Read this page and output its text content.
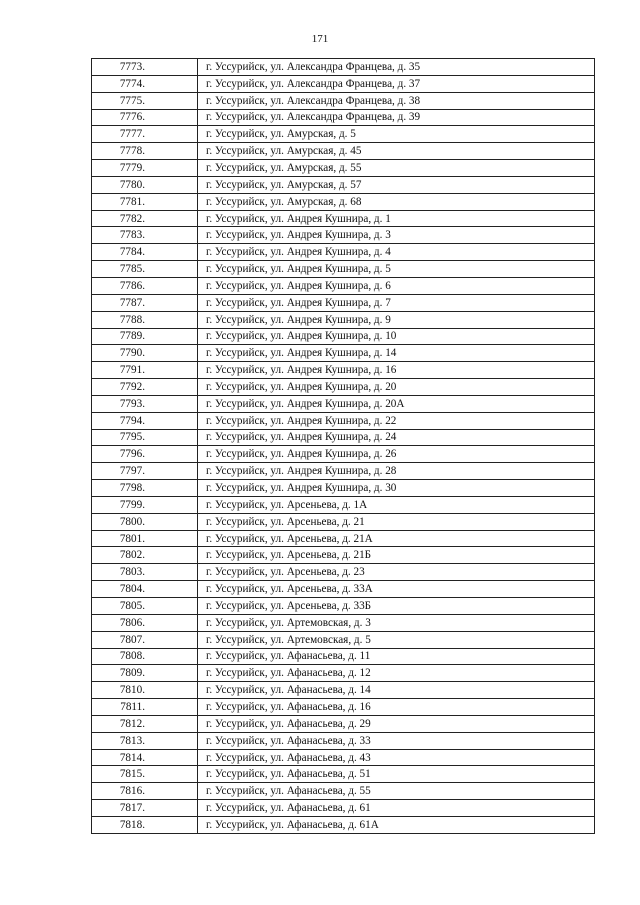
171
7773.	г. Уссурийск, ул. Александра Францева, д. 35
7774.	г. Уссурийск, ул. Александра Францева, д. 37
7775.	г. Уссурийск, ул. Александра Францева, д. 38
7776.	г. Уссурийск, ул. Александра Францева, д. 39
7777.	г. Уссурийск, ул. Амурская, д. 5
7778.	г. Уссурийск, ул. Амурская, д. 45
7779.	г. Уссурийск, ул. Амурская, д. 55
7780.	г. Уссурийск, ул. Амурская, д. 57
7781.	г. Уссурийск, ул. Амурская, д. 68
7782.	г. Уссурийск, ул. Андрея Кушнира, д. 1
7783.	г. Уссурийск, ул. Андрея Кушнира, д. 3
7784.	г. Уссурийск, ул. Андрея Кушнира, д. 4
7785.	г. Уссурийск, ул. Андрея Кушнира, д. 5
7786.	г. Уссурийск, ул. Андрея Кушнира, д. 6
7787.	г. Уссурийск, ул. Андрея Кушнира, д. 7
7788.	г. Уссурийск, ул. Андрея Кушнира, д. 9
7789.	г. Уссурийск, ул. Андрея Кушнира, д. 10
7790.	г. Уссурийск, ул. Андрея Кушнира, д. 14
7791.	г. Уссурийск, ул. Андрея Кушнира, д. 16
7792.	г. Уссурийск, ул. Андрея Кушнира, д. 20
7793.	г. Уссурийск, ул. Андрея Кушнира, д. 20А
7794.	г. Уссурийск, ул. Андрея Кушнира, д. 22
7795.	г. Уссурийск, ул. Андрея Кушнира, д. 24
7796.	г. Уссурийск, ул. Андрея Кушнира, д. 26
7797.	г. Уссурийск, ул. Андрея Кушнира, д. 28
7798.	г. Уссурийск, ул. Андрея Кушнира, д. 30
7799.	г. Уссурийск, ул. Арсеньева, д. 1А
7800.	г. Уссурийск, ул. Арсеньева, д. 21
7801.	г. Уссурийск, ул. Арсеньева, д. 21А
7802.	г. Уссурийск, ул. Арсеньева, д. 21Б
7803.	г. Уссурийск, ул. Арсеньева, д. 23
7804.	г. Уссурийск, ул. Арсеньева, д. 33А
7805.	г. Уссурийск, ул. Арсеньева, д. 33Б
7806.	г. Уссурийск, ул. Артемовская, д. 3
7807.	г. Уссурийск, ул. Артемовская, д. 5
7808.	г. Уссурийск, ул. Афанасьева, д. 11
7809.	г. Уссурийск, ул. Афанасьева, д. 12
7810.	г. Уссурийск, ул. Афанасьева, д. 14
7811.	г. Уссурийск, ул. Афанасьева, д. 16
7812.	г. Уссурийск, ул. Афанасьева, д. 29
7813.	г. Уссурийск, ул. Афанасьева, д. 33
7814.	г. Уссурийск, ул. Афанасьева, д. 43
7815.	г. Уссурийск, ул. Афанасьева, д. 51
7816.	г. Уссурийск, ул. Афанасьева, д. 55
7817.	г. Уссурийск, ул. Афанасьева, д. 61
7818.	г. Уссурийск, ул. Афанасьева, д. 61А
